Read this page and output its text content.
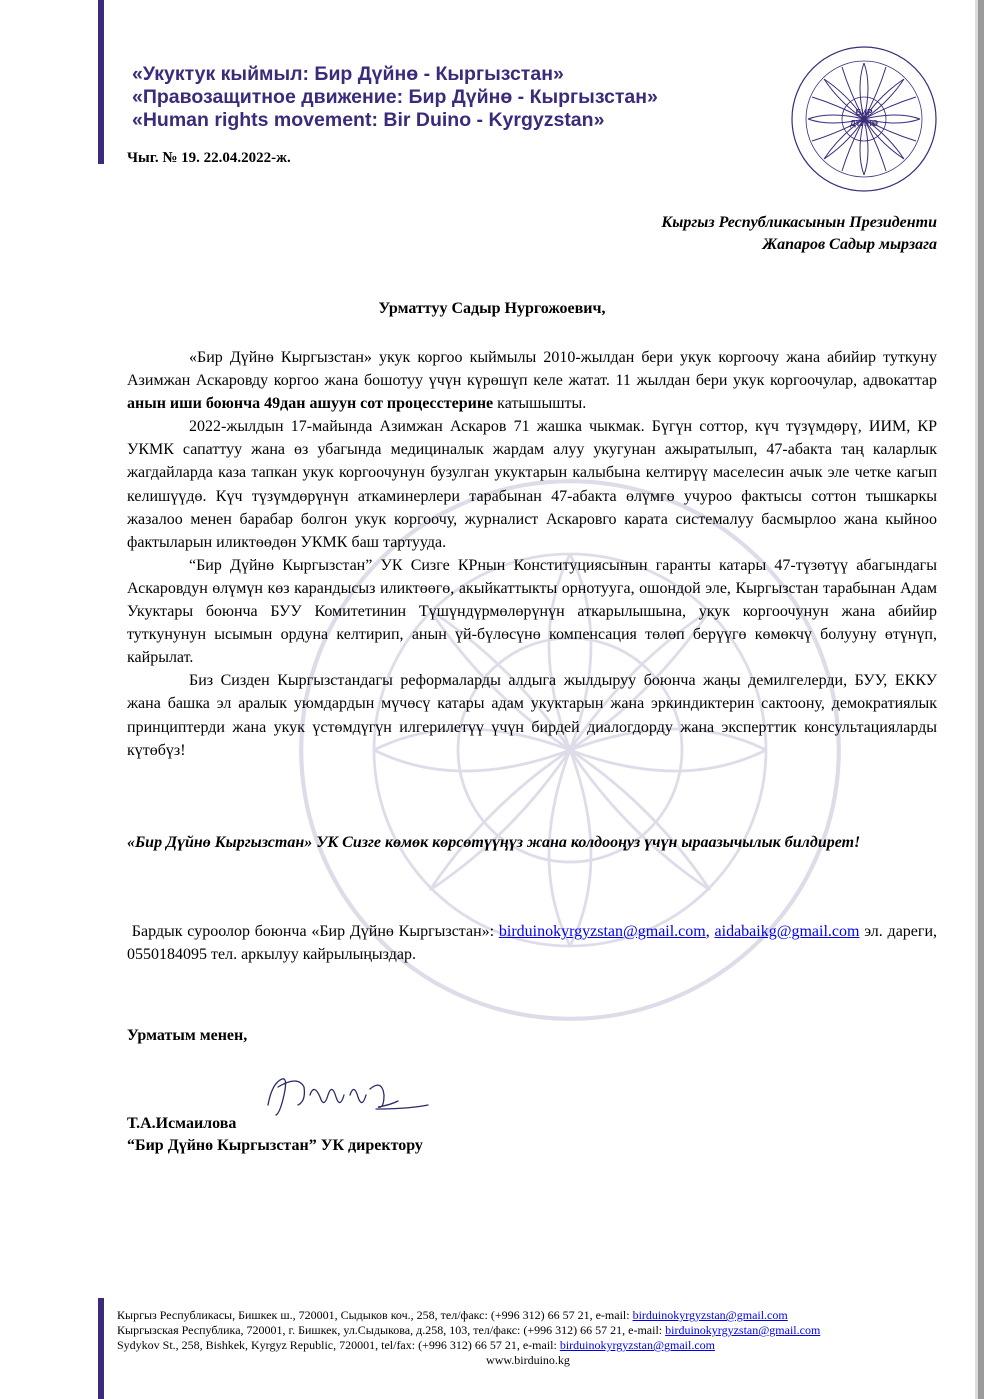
«Укуктук кыймыл: Бир Дүйнө - Кыргызстан»
«Правозащитное движение: Бир Дүйнө - Кыргызстан»
«Human rights movement: Bir Duino - Kyrgyzstan»	БИР
ДҮЙНӨ
Чыг. № 19. 22.04.2022-ж.
Кыргыз Республикасынын Президенти
Жапаров Садыр мырзага
Урматтуу Садыр Нургожоевич,

«Бир Дүйнө Кыргызстан» укук коргоо кыймылы 2010-жылдан бери укук коргоочу жана абийир туткуну Азимжан Аскаровду коргоо жана бошотуу үчүн күрөшүп келе жатат. 11 жылдан бери укук коргоочулар, адвокаттар анын иши боюнча 49дан ашуун сот процесстерине катышышты.

2022-жылдын 17-майында Азимжан Аскаров 71 жашка чыкмак. Бүгүн соттор, күч түзүмдөрү, ИИМ, КР УКМК сапаттуу жана өз убагында медициналык жардам алуу укугунан ажыратылып, 47-абакта таң каларлык жагдайларда каза тапкан укук коргоочунун бузулган укуктарын калыбына келтирүү маселесин ачык эле четке кагып келишүүдө. Күч түзүмдөрүнүн аткаминерлери тарабынан 47-абакта өлүмгө учуроо фактысы соттон тышкаркы жазалоо менен барабар болгон укук коргоочу, журналист Аскаровго карата системалуу басмырлоо жана кыйноо фактыларын иликтөөдөн УКМК баш тартууда.

“Бир Дүйнө Кыргызстан” УК Сизге КРнын Конституциясынын гаранты катары 47-түзөтүү абагындагы Аскаровдун өлүмүн көз карандысыз иликтөөгө, акыйкаттыкты орнотууга, ошондой эле, Кыргызстан тарабынан Адам Укуктары боюнча БУУ Комитетинин Түшүндүрмөлөрүнүн аткарылышына, укук коргоочунун жана абийир туткунунун ысымын ордуна келтирип, анын үй-бүлөсүнө компенсация төлөп берүүгө көмөкчү болууну өтүнүп, кайрылат.

Биз Сизден Кыргызстандагы реформаларды алдыга жылдыруу боюнча жаңы демилгелерди, БУУ, ЕККУ жана башка эл аралык уюмдардын мүчөсү катары адам укуктарын жана эркиндиктерин сактоону, демократиялык принциптерди жана укук үстөмдүгүн илгерилетүү үчүн бирдей диалогдорду жана эксперттик консультацияларды күтөбүз!

«Бир Дүйнө Кыргызстан» УК Сизге көмөк көрсөтүүңүз жана колдооңуз үчүн ыраазычылык билдирет!
Бардык суроолор боюнча «Бир Дүйнө Кыргызстан»: birduinokyrgyzstan@gmail.com, aidabaikg@gmail.com эл. дареги, 0550184095 тел. аркылуу кайрылыңыздар.
Урматым менен,
Т.А.Исмаилова
“Бир Дүйнө Кыргызстан” УК директору
Кыргыз Республикасы, Бишкек ш., 720001, Сыдыков коч., 258, тел/факс: (+996 312) 66 57 21, e-mail: birduinokyrgyzstan@gmail.com
Кыргызская Республика, 720001, г. Бишкек, ул.Сыдыкова, д.258, 103, тел/факс: (+996 312) 66 57 21, e-mail: birduinokyrgyzstan@gmail.com
Sydykov St., 258, Bishkek, Kyrgyz Republic, 720001, tel/fax: (+996 312) 66 57 21, e-mail: birduinokyrgyzstan@gmail.com
www.birduino.kg
